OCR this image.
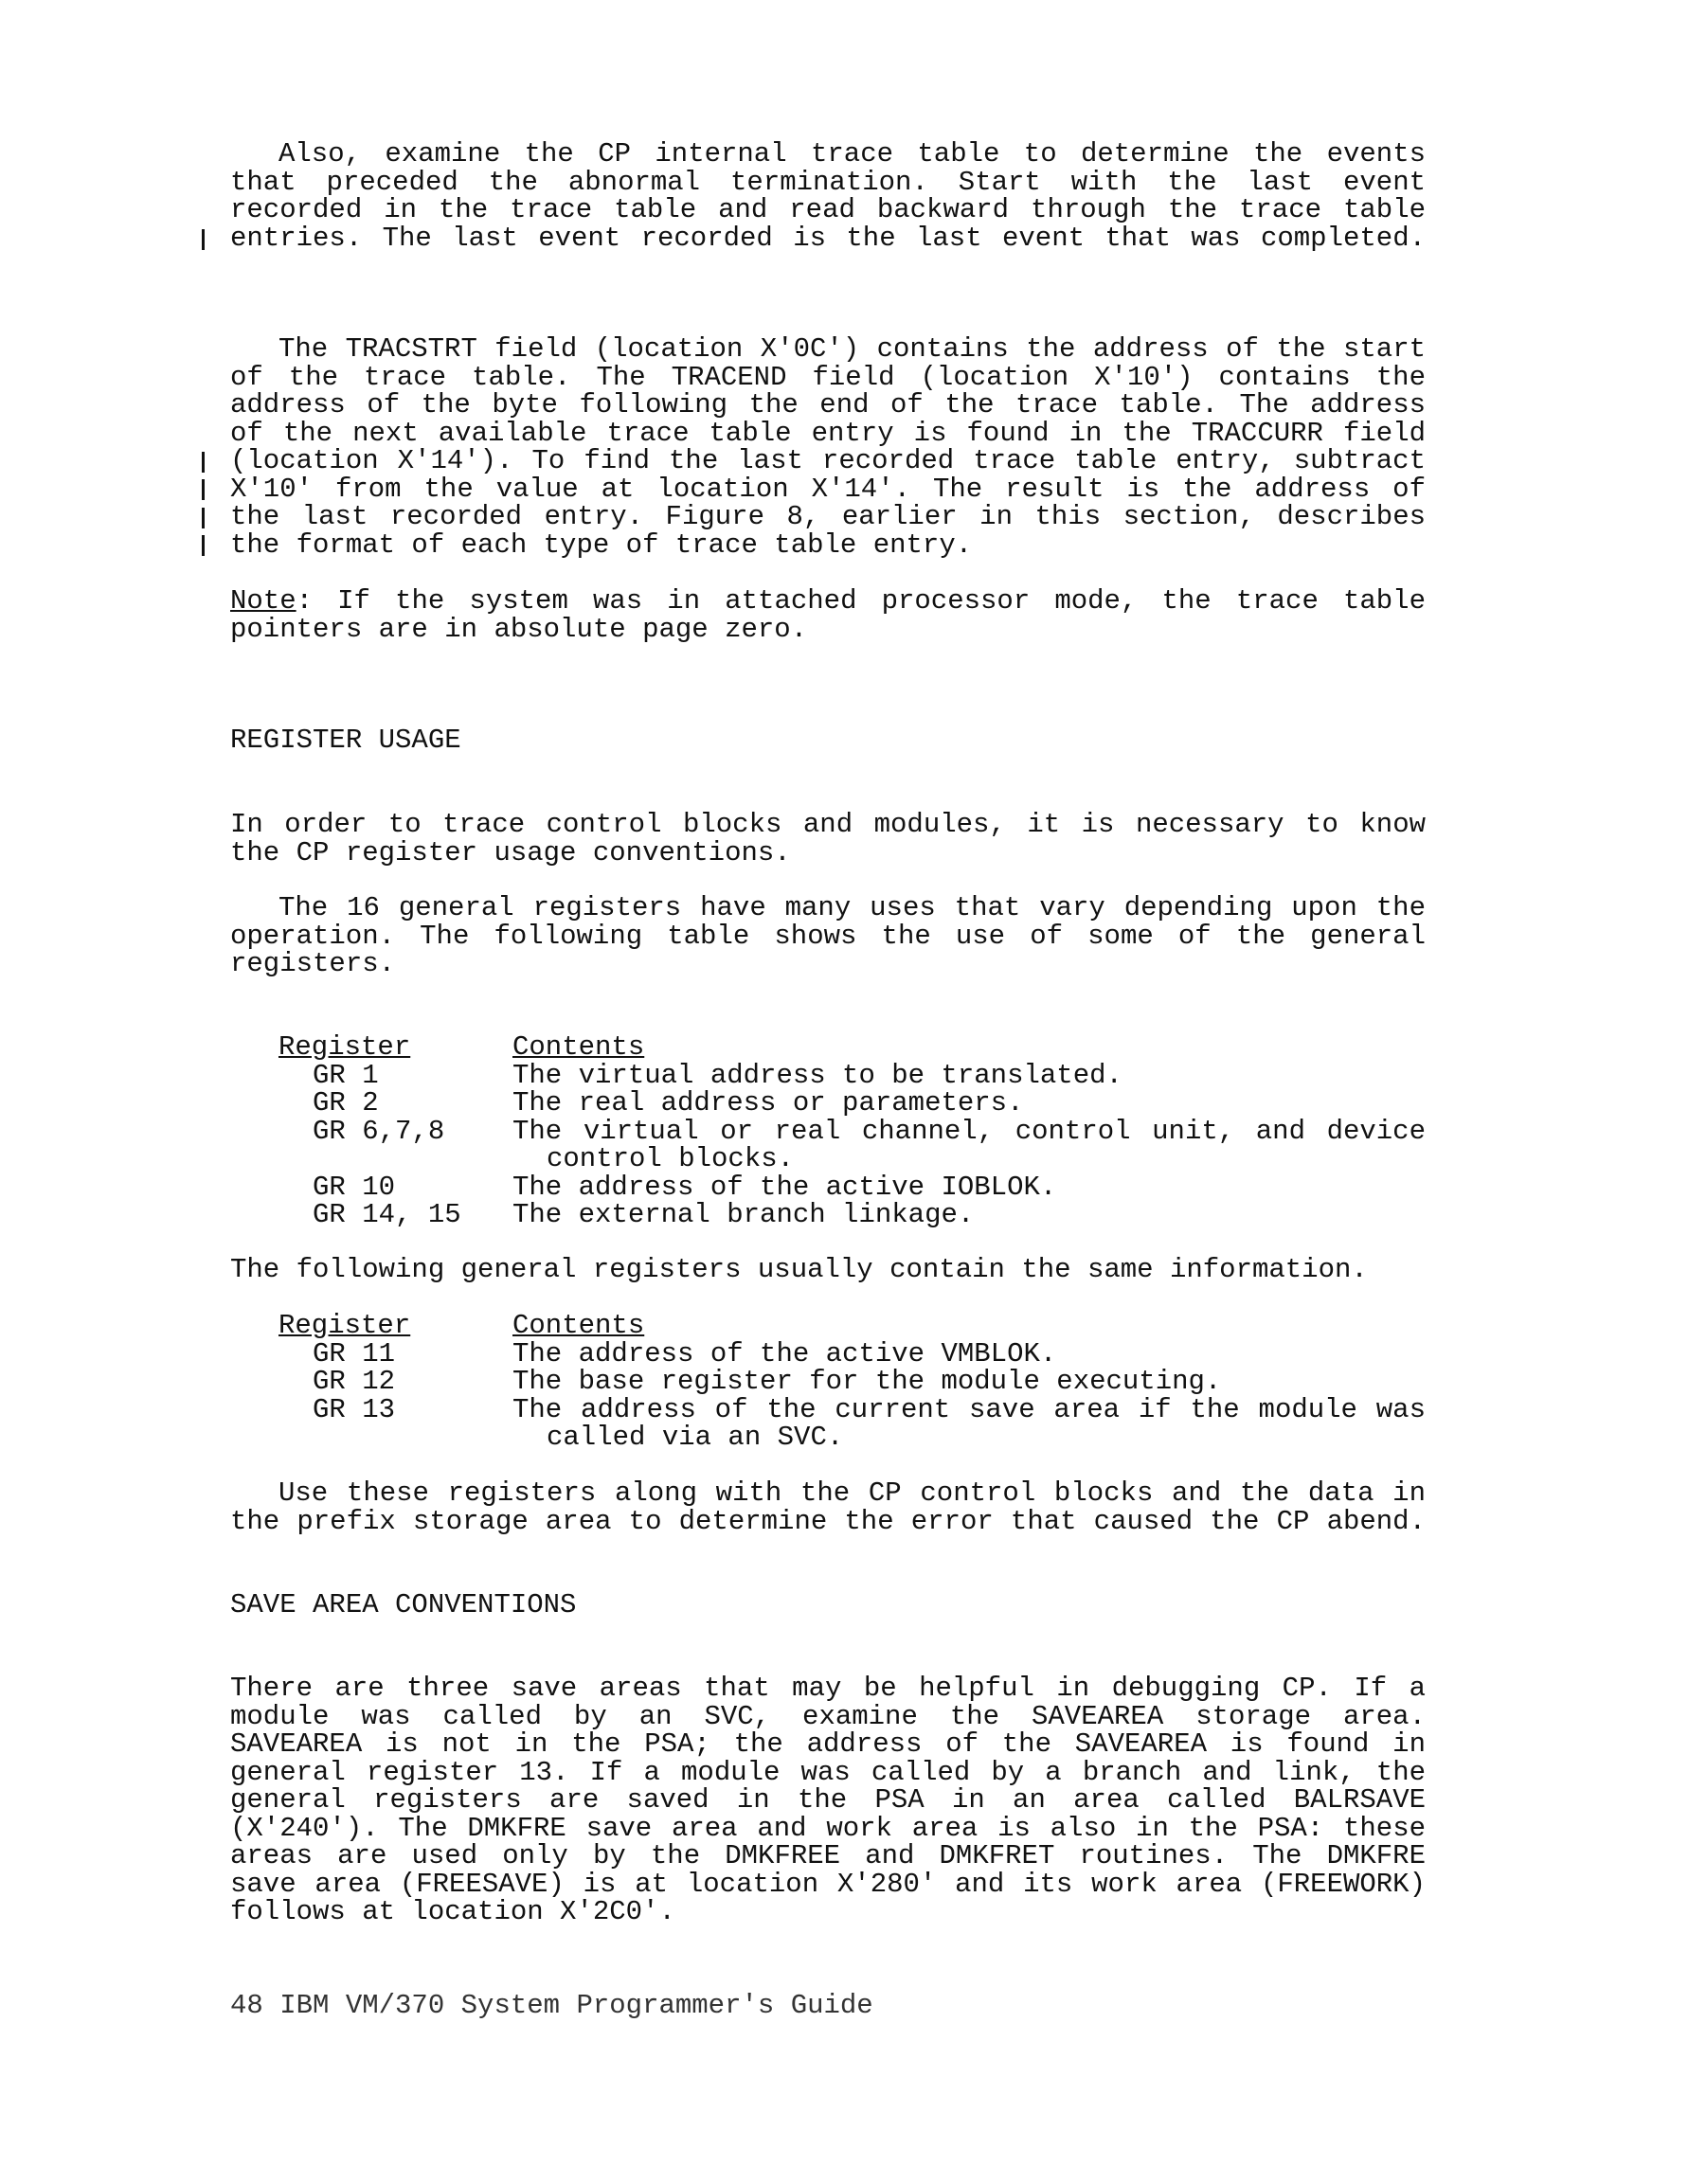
Also, examine the CP internal trace table to determine the events
that preceded the abnormal termination. Start with the last event
recorded in the trace table and read backward through the trace table
entries. The last event recorded is the last event that was completed.
The TRACSTRT field (location X'0C') contains the address of the start
of the trace table. The TRACEND field (location X'10') contains the
address of the byte following the end of the trace table. The address
of the next available trace table entry is found in the TRACCURR field
(location X'14'). To find the last recorded trace table entry, subtract
X'10' from the value at location X'14'. The result is the address of
the last recorded entry. Figure 8, earlier in this section, describes
the format of each type of trace table entry.
Note : If the system was in attached processor mode, the trace table
pointers are in absolute page zero.
REGISTER USAGE
In order to trace control blocks and modules, it is necessary to know
the CP register usage conventions.
The 16 general registers have many uses that vary depending upon the
operation. The following table shows the use of some of the general
registers.
Register	Contents
GR 1	The virtual address to be translated.
GR 2	The real address or parameters.
GR 6,7,8	The virtual or real channel, control unit, and device
control blocks.
GR 10	The address of the active IOBLOK.
GR 14, 15	The external branch linkage.
The following general registers usually contain the same information.
Register	Contents
GR 11	The address of the active VMBLOK.
GR 12	The base register for the module executing.
GR 13	The address of the current save area if the module was
called via an SVC.
Use these registers along with the CP control blocks and the data in
the prefix storage area to determine the error that caused the CP abend.
SAVE AREA CONVENTIONS
There are three save areas that may be helpful in debugging CP. If a
module was called by an SVC, examine the SAVEAREA storage area.
SAVEAREA is not in the PSA; the address of the SAVEAREA is found in
general register 13. If a module was called by a branch and link, the
general registers are saved in the PSA in an area called BALRSAVE
(X'240'). The DMKFRE save area and work area is also in the PSA: these
areas are used only by the DMKFREE and DMKFRET routines. The DMKFRE
save area (FREESAVE) is at location X'280' and its work area (FREEWORK)
follows at location X'2C0'.
48 IBM VM/370 System Programmer's Guide
